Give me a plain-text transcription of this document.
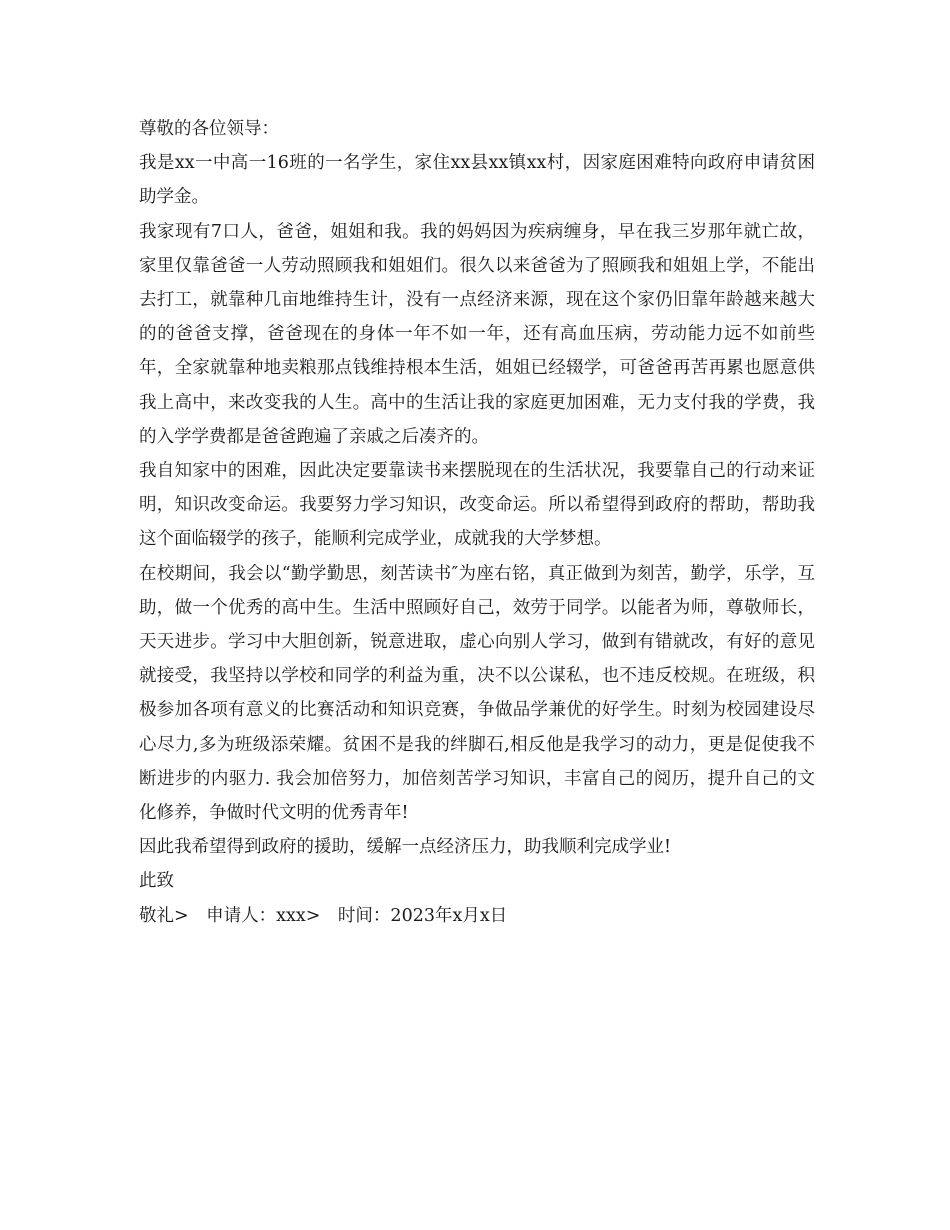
尊敬的各位领导：

我是xx一中高一16班的一名学生，家住xx县xx镇xx村，因家庭困难特向政府申请贫困助学金。

我家现有7口人，爸爸，姐姐和我。我的妈妈因为疾病缠身，早在我三岁那年就亡故，家里仅靠爸爸一人劳动照顾我和姐姐们。很久以来爸爸为了照顾我和姐姐上学，不能出去打工，就靠种几亩地维持生计，没有一点经济来源，现在这个家仍旧靠年龄越来越大的的爸爸支撑，爸爸现在的身体一年不如一年，还有高血压病，劳动能力远不如前些年，全家就靠种地卖粮那点钱维持根本生活，姐姐已经辍学，可爸爸再苦再累也愿意供我上高中，来改变我的人生。高中的生活让我的家庭更加困难，无力支付我的学费，我的入学学费都是爸爸跑遍了亲戚之后凑齐的。

我自知家中的困难，因此决定要靠读书来摆脱现在的生活状况，我要靠自己的行动来证明，知识改变命运。我要努力学习知识，改变命运。所以希望得到政府的帮助，帮助我这个面临辍学的孩子，能顺利完成学业，成就我的大学梦想。

在校期间，我会以“勤学勤思，刻苦读书″为座右铭，真正做到为刻苦，勤学，乐学，互助，做一个优秀的高中生。生活中照顾好自己，效劳于同学。以能者为师，尊敬师长，天天进步。学习中大胆创新，锐意进取，虚心向别人学习，做到有错就改，有好的意见就接受，我坚持以学校和同学的利益为重，决不以公谋私，也不违反校规。在班级，积极参加各项有意义的比赛活动和知识竞赛，争做品学兼优的好学生。时刻为校园建设尽心尽力,多为班级添荣耀。贫困不是我的绊脚石,相反他是我学习的动力，更是促使我不断进步的内驱力. 我会加倍努力，加倍刻苦学习知识，丰富自己的阅历，提升自己的文化修养，争做时代文明的优秀青年!

因此我希望得到政府的援助，缓解一点经济压力，助我顺利完成学业!

此致

敬礼>　申请人：xxx>　时间：2023年x月x日
